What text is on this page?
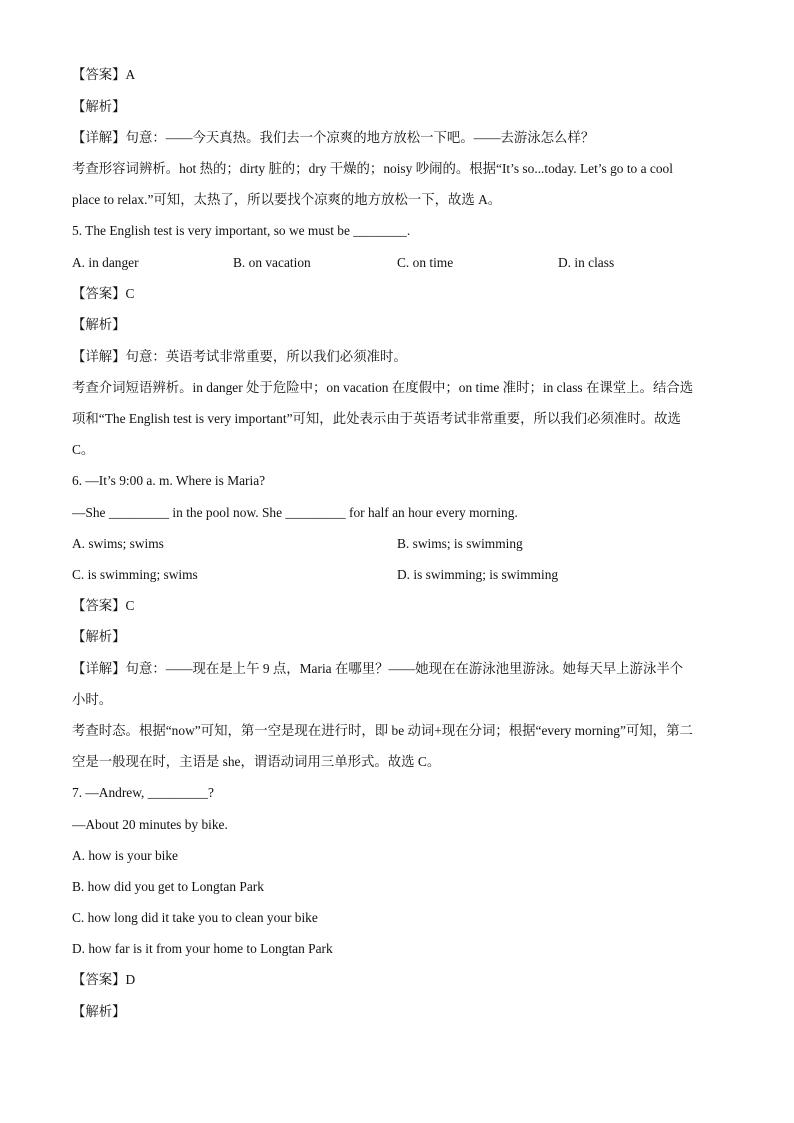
【答案】A
【解析】
【详解】句意：——今天真热。我们去一个凉爽的地方放松一下吧。——去游泳怎么样？
考查形容词辨析。hot 热的；dirty 脏的；dry 干燥的；noisy 吵闹的。根据“It’s so...today. Let’s go to a cool
place to relax.”可知，太热了，所以要找个凉爽的地方放松一下，故选 A。
5. The English test is very important, so we must be ________.
A. in danger	B. on vacation	C. on time	D. in class
【答案】C
【解析】
【详解】句意：英语考试非常重要，所以我们必须准时。
考查介词短语辨析。in danger 处于危险中；on vacation 在度假中；on time 准时；in class 在课堂上。结合选
项和“The English test is very important”可知，此处表示由于英语考试非常重要，所以我们必须准时。故选
C。
6. —It’s 9:00 a. m. Where is Maria?
—She _________ in the pool now. She _________ for half an hour every morning.
A. swims; swims	B. swims; is swimming
C. is swimming; swims	D. is swimming; is swimming
【答案】C
【解析】
【详解】句意：——现在是上午 9 点，Maria 在哪里？——她现在在游泳池里游泳。她每天早上游泳半个
小时。
考查时态。根据“now”可知，第一空是现在进行时，即 be 动词+现在分词；根据“every morning”可知，第二
空是一般现在时，主语是 she，谓语动词用三单形式。故选 C。
7. —Andrew, _________?
—About 20 minutes by bike.
A. how is your bike
B. how did you get to Longtan Park
C. how long did it take you to clean your bike
D. how far is it from your home to Longtan Park
【答案】D
【解析】
